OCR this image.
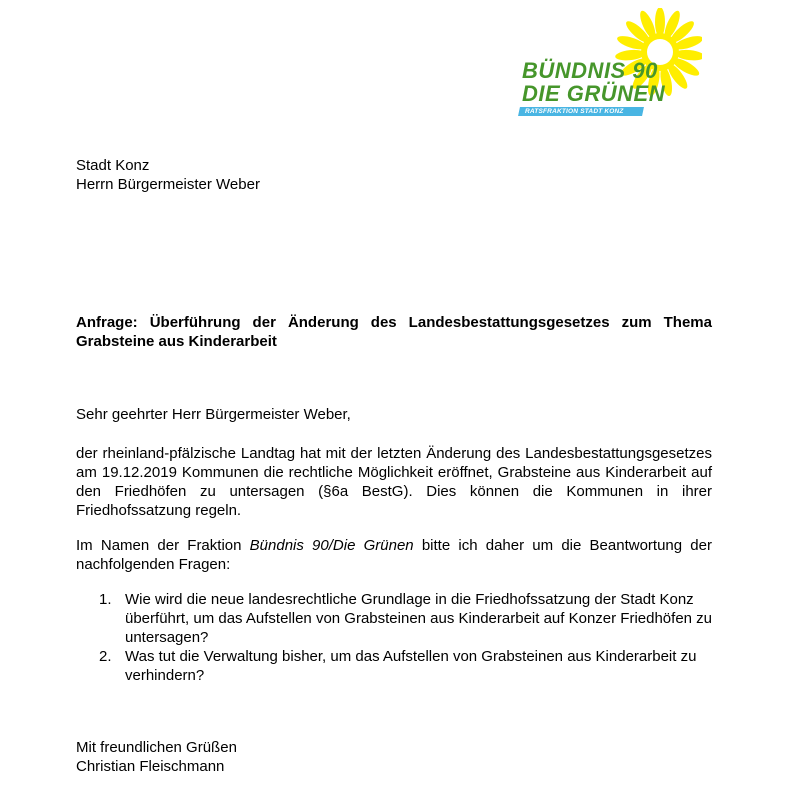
BÜNDNIS 90
DIE GRÜNEN
RATSFRAKTION STADT KONZ
Stadt Konz
Herrn Bürgermeister Weber
Anfrage: Überführung der Änderung des Landesbestattungsgesetzes zum Thema Grabsteine aus Kinderarbeit
Sehr geehrter Herr Bürgermeister Weber,
der rheinland-pfälzische Landtag hat mit der letzten Änderung des Landesbestattungsgesetzes am 19.12.2019 Kommunen die rechtliche Möglichkeit eröffnet, Grabsteine aus Kinderarbeit auf den Friedhöfen zu untersagen (§6a BestG). Dies können die Kommunen in ihrer Friedhofssatzung regeln.
Im Namen der Fraktion Bündnis 90/Die Grünen bitte ich daher um die Beantwortung der nachfolgenden Fragen:
1. Wie wird die neue landesrechtliche Grundlage in die Friedhofssatzung der Stadt Konz überführt, um das Aufstellen von Grabsteinen aus Kinderarbeit auf Konzer Friedhöfen zu untersagen?
2. Was tut die Verwaltung bisher, um das Aufstellen von Grabsteinen aus Kinderarbeit zu verhindern?
Mit freundlichen Grüßen
Christian Fleischmann
